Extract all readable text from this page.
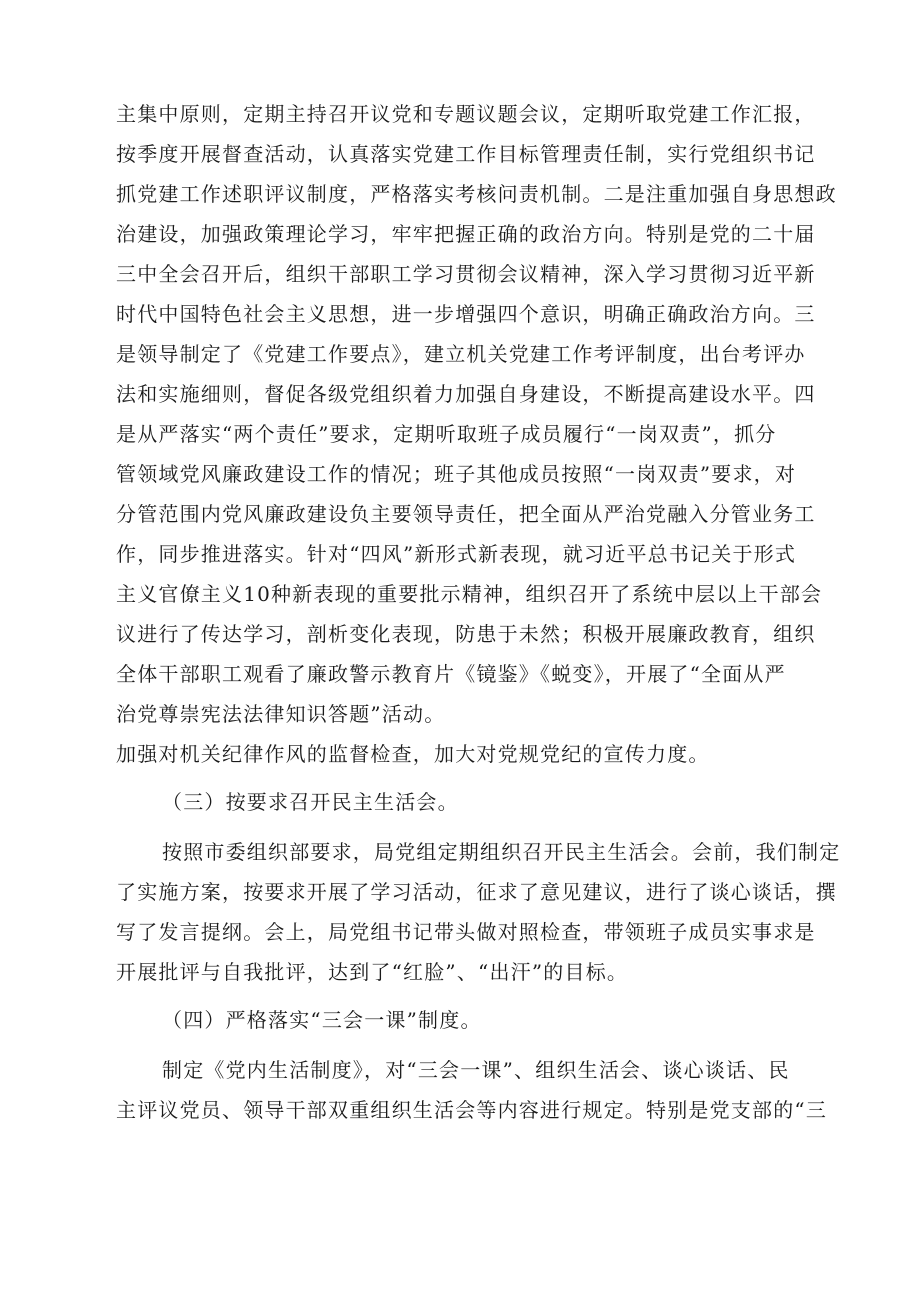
主集中原则，定期主持召开议党和专题议题会议，定期听取党建工作汇报，
按季度开展督查活动，认真落实党建工作目标管理责任制，实行党组织书记
抓党建工作述职评议制度，严格落实考核问责机制。二是注重加强自身思想政
治建设，加强政策理论学习，牢牢把握正确的政治方向。特别是党的二十届
三中全会召开后，组织干部职工学习贯彻会议精神，深入学习贯彻习近平新
时代中国特色社会主义思想，进一步增强四个意识，明确正确政治方向。三
是领导制定了《党建工作要点》，建立机关党建工作考评制度，出台考评办
法和实施细则，督促各级党组织着力加强自身建设，不断提高建设水平。四
是从严落实“两个责任”要求，定期听取班子成员履行“一岗双责”，抓分
管领域党风廉政建设工作的情况；班子其他成员按照“一岗双责”要求，对
分管范围内党风廉政建设负主要领导责任，把全面从严治党融入分管业务工
作，同步推进落实。针对“四风”新形式新表现，就习近平总书记关于形式
主义官僚主义10种新表现的重要批示精神，组织召开了系统中层以上干部会
议进行了传达学习，剖析变化表现，防患于未然；积极开展廉政教育，组织
全体干部职工观看了廉政警示教育片《镜鉴》《蜕变》，开展了“全面从严
治党尊崇宪法法律知识答题”活动。
加强对机关纪律作风的监督检查，加大对党规党纪的宣传力度。
（三）按要求召开民主生活会。
按照市委组织部要求，局党组定期组织召开民主生活会。会前，我们制定
了实施方案，按要求开展了学习活动，征求了意见建议，进行了谈心谈话，撰
写了发言提纲。会上，局党组书记带头做对照检查，带领班子成员实事求是
开展批评与自我批评，达到了“红脸”、“出汗”的目标。
（四）严格落实“三会一课”制度。
制定《党内生活制度》，对“三会一课”、组织生活会、谈心谈话、民
主评议党员、领导干部双重组织生活会等内容进行规定。特别是党支部的“三
